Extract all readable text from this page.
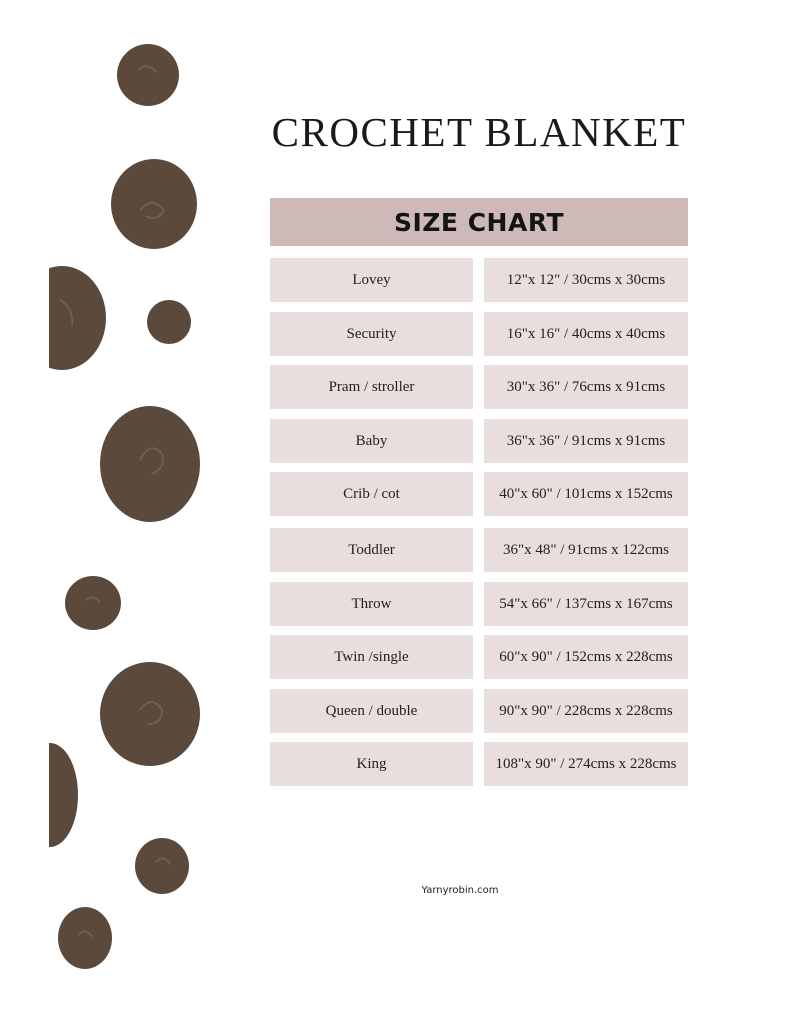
CROCHET BLANKET
SIZE CHART
Lovey	12"x 12" / 30cms x 30cms
Security	16"x 16" / 40cms x 40cms
Pram / stroller	30"x 36" / 76cms x 91cms
Baby	36"x 36" / 91cms x 91cms
Crib / cot	40"x 60" / 101cms x 152cms
Toddler	36"x 48" / 91cms x 122cms
Throw	54"x 66" / 137cms x 167cms
Twin /single	60"x 90" / 152cms x 228cms
Queen / double	90"x 90" / 228cms x 228cms
King	108"x 90" / 274cms x 228cms
Yarnyrobin.com
